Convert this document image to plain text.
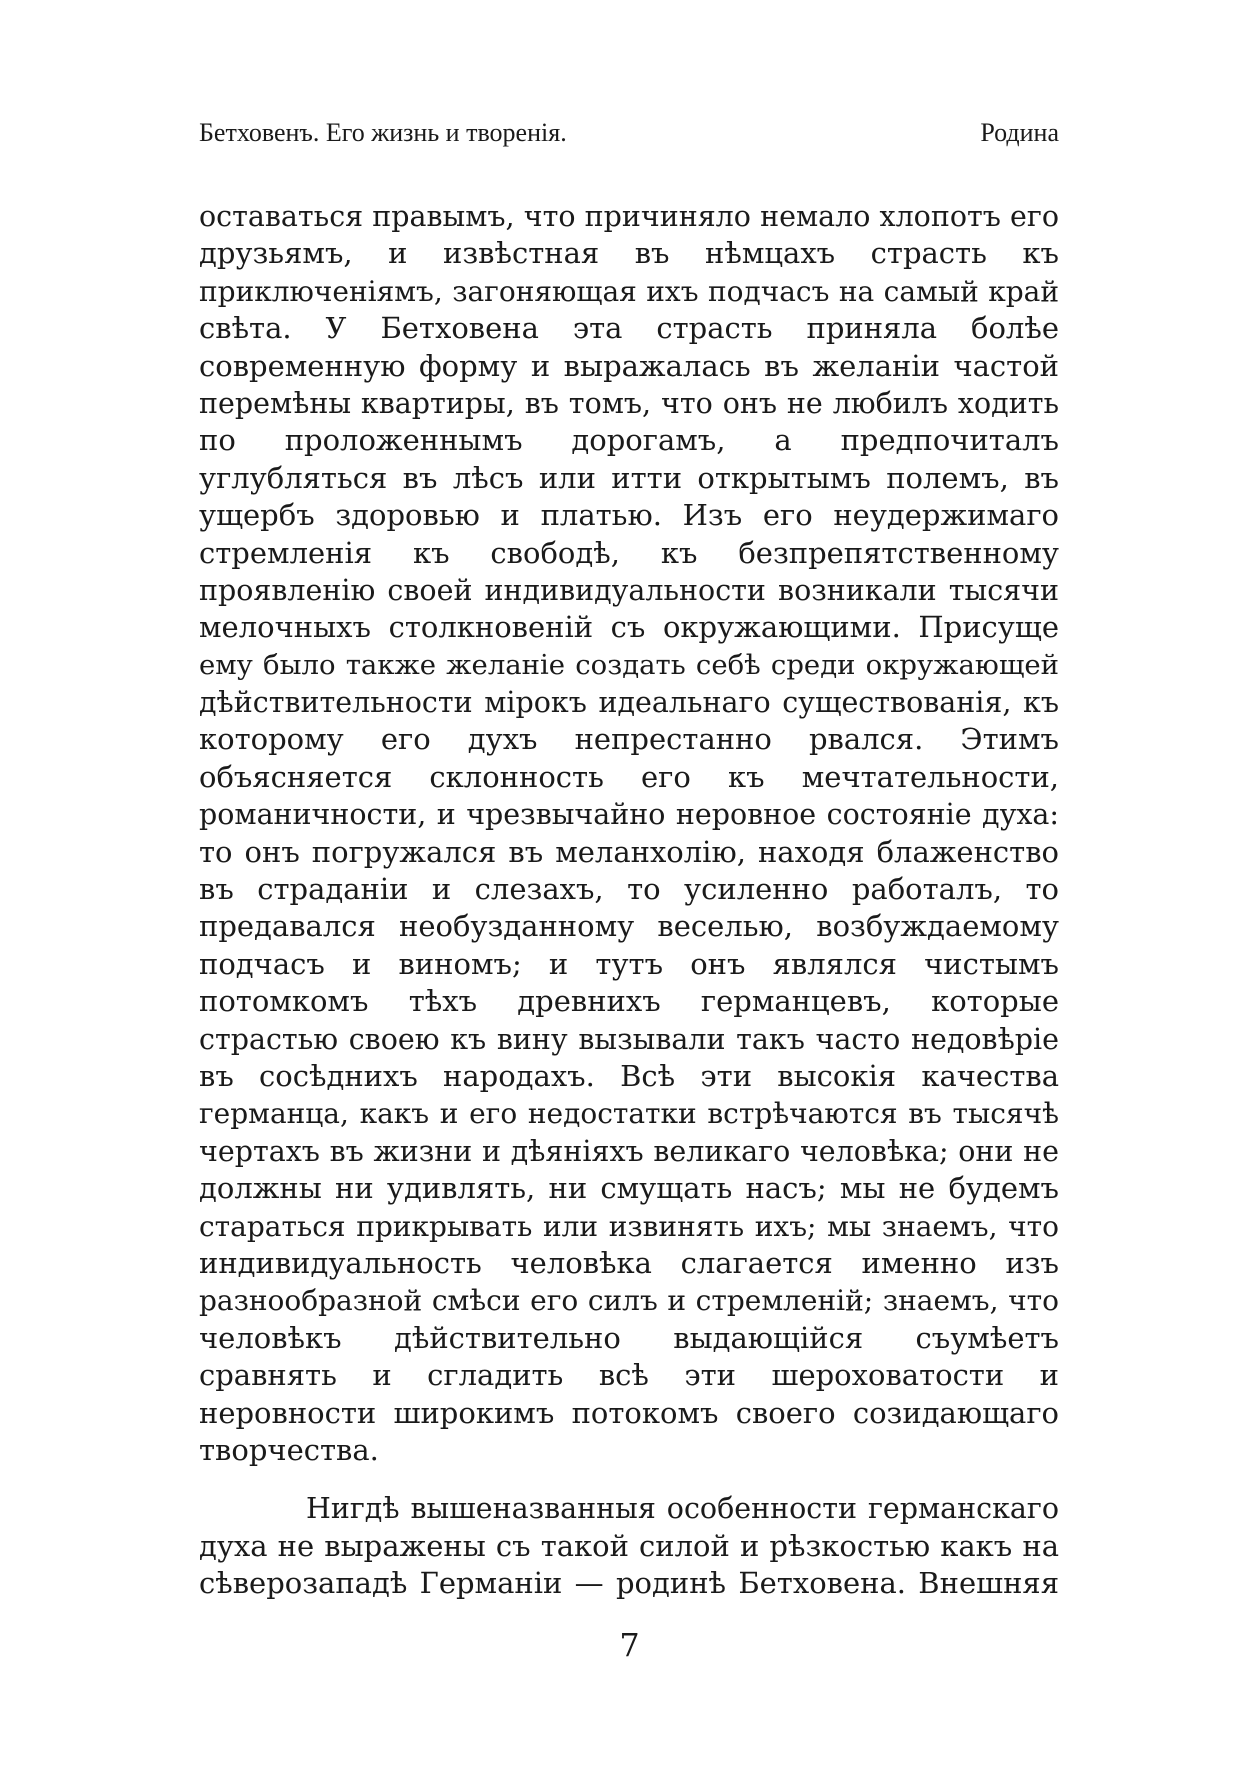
Бетховенъ. Его жизнь и творенія.	Родина
оставаться правымъ, что причиняло немало хлопотъ его
друзьямъ, и извѣстная въ нѣмцахъ страсть къ
приключеніямъ, загоняющая ихъ подчасъ на самый край
свѣта. У Бетховена эта страсть приняла болѣе
современную форму и выражалась въ желаніи частой
перемѣны квартиры, въ томъ, что онъ не любилъ ходить
по проложеннымъ дорогамъ, а предпочиталъ
углубляться въ лѣсъ или итти открытымъ полемъ, въ
ущербъ здоровью и платью. Изъ его неудержимаго
стремленія къ свободѣ, къ безпрепятственному
проявленію своей индивидуальности возникали тысячи
мелочныхъ столкновеній съ окружающими. Присуще
ему было также желаніе создать себѣ среди окружающей
дѣйствительности мірокъ идеальнаго существованія, къ
которому его духъ непрестанно рвался. Этимъ
объясняется склонность его къ мечтательности,
романичности, и чрезвычайно неровное состояніе духа:
то онъ погружался въ меланхолію, находя блаженство
въ страданіи и слезахъ, то усиленно работалъ, то
предавался необузданному веселью, возбуждаемому
подчасъ и виномъ; и тутъ онъ являлся чистымъ
потомкомъ тѣхъ древнихъ германцевъ, которые
страстью своею къ вину вызывали такъ часто недовѣріе
въ сосѣднихъ народахъ. Всѣ эти высокія качества
германца, какъ и его недостатки встрѣчаются въ тысячѣ
чертахъ въ жизни и дѣяніяхъ великаго человѣка; они не
должны ни удивлять, ни смущать насъ; мы не будемъ
стараться прикрывать или извинять ихъ; мы знаемъ, что
индивидуальность человѣка слагается именно изъ
разнообразной смѣси его силъ и стремленій; знаемъ, что
человѣкъ дѣйствительно выдающійся съумѣетъ
сравнять и сгладить всѣ эти шероховатости и
неровности широкимъ потокомъ своего созидающаго
творчества.
Нигдѣ вышеназванныя особенности германскаго
духа не выражены съ такой силой и рѣзкостью какъ на
сѣверозападѣ Германіи — родинѣ Бетховена. Внешняя
7
